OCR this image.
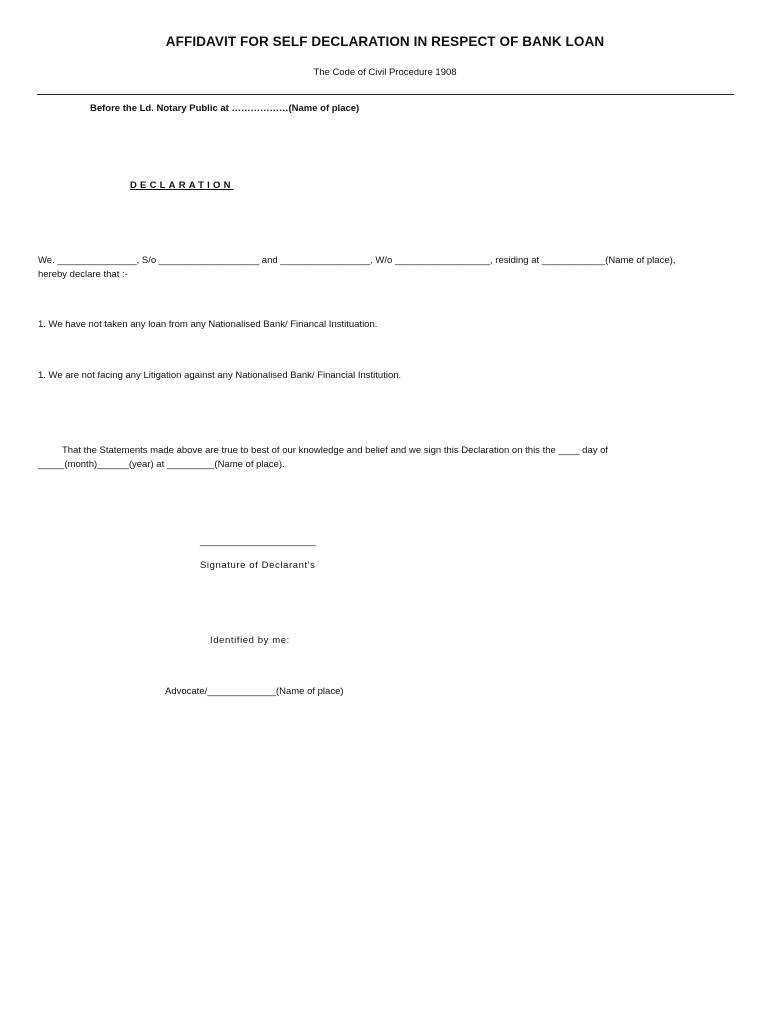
AFFIDAVIT FOR SELF DECLARATION IN RESPECT OF BANK LOAN
The Code of Civil Procedure 1908
Before the Ld. Notary Public at ………………(Name of place)
DECLARATION
We. _______________, S/o ___________________ and _________________, W/o __________________, residing at ____________(Name of place),
hereby declare that :-
1. We have not taken any loan from any Nationalised Bank/ Financal Instituation.
1. We are not facing any Litigation against any Nationalised Bank/ Financial Institution.
That the Statements made above are true to best of our knowledge and belief and we sign this Declaration on this the ____ day of
_____(month)______(year) at _________(Name of place).
______________________
Signature of Declarant's
Identified by me:
Advocate/_____________(Name of place)
